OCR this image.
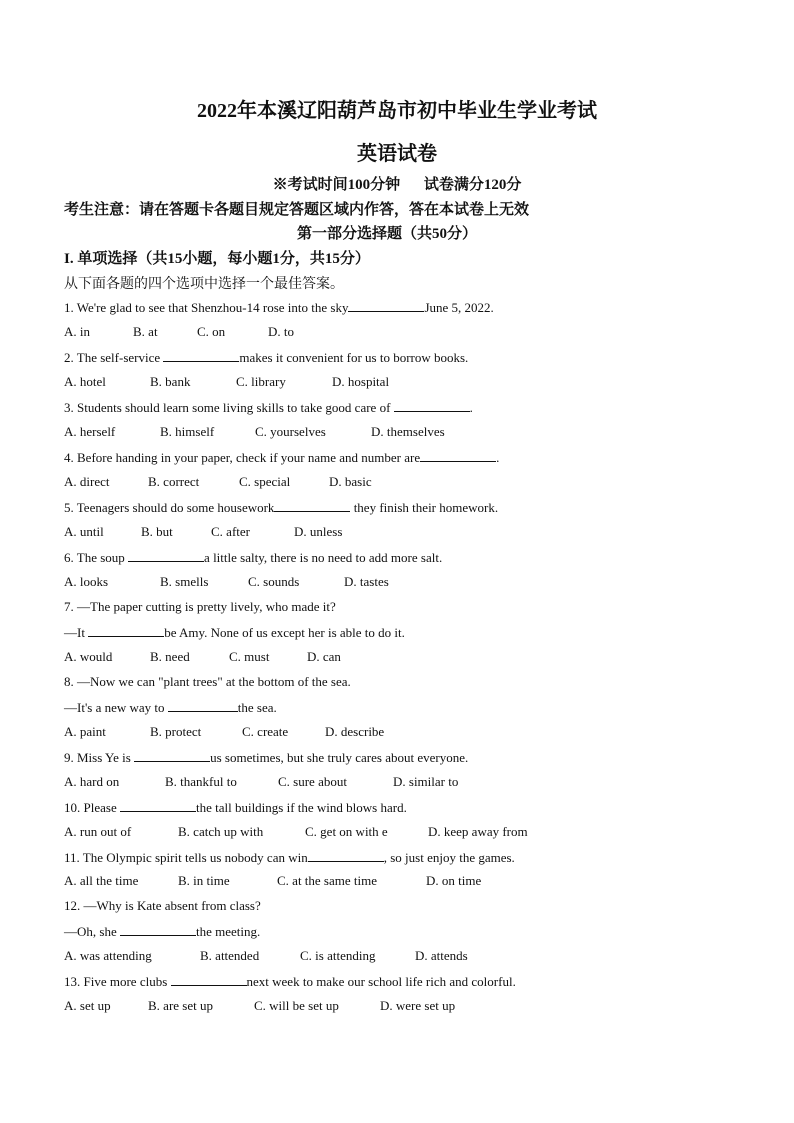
2022年本溪辽阳葫芦岛市初中毕业生学业考试
英语试卷
※考试时间100分钟 试卷满分120分
考生注意：请在答题卡各题目规定答题区域内作答，答在本试卷上无效
第一部分选择题（共50分）
I. 单项选择（共15小题，每小题1分，共15分）
从下面各题的四个选项中选择一个最佳答案。
1. We're glad to see that Shenzhou-14 rose into the sky	June 5, 2022.
A. in	B. at	C. on	D. to
2. The self-service	makes it convenient for us to borrow books.
A. hotel	B. bank	C. library	D. hospital
3. Students should learn some living skills to take good care of	.
A. herself	B. himself	C. yourselves	D. themselves
4. Before handing in your paper, check if your name and number are	.
A. direct	B. correct	C. special	D. basic
5. Teenagers should do some housework	they finish their homework.
A. until	B. but	C. after	D. unless
6. The soup	a little salty, there is no need to add more salt.
A. looks	B. smells	C. sounds	D. tastes
7. —The paper cutting is pretty lively, who made it?
—It	be Amy. None of us except her is able to do it.
A. would	B. need	C. must	D. can
8. —Now we can "plant trees" at the bottom of the sea.
—It's a new way to	the sea.
A. paint	B. protect	C. create	D. describe
9. Miss Ye is	us sometimes, but she truly cares about everyone.
A. hard on	B. thankful to	C. sure about	D. similar to
10. Please	the tall buildings if the wind blows hard.
A. run out of	B. catch up with	C. get on with e	D. keep away from
11. The Olympic spirit tells us nobody can win	, so just enjoy the games.
A. all the time	B. in time	C. at the same time	D. on time
12. —Why is Kate absent from class?
—Oh, she	the meeting.
A. was attending	B. attended	C. is attending	D. attends
13. Five more clubs	next week to make our school life rich and colorful.
A. set up	B. are set up	C. will be set up	D. were set up
